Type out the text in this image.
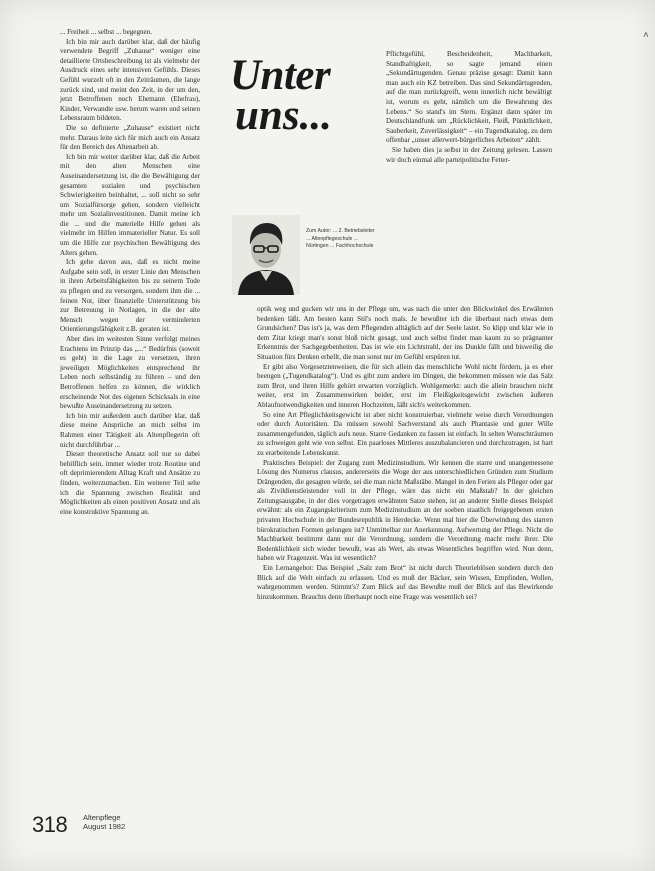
˄

... Freiheit ... selbst ... begegnen.

Ich bin mir auch darüber klar, daß der häufig verwendete Begriff „Zuhause“ weniger eine detaillierte Ortsbeschreibung ist als vielmehr der Ausdruck eines sehr intensiven Gefühls. Dieses Gefühl wurzelt oft in den Zeiträumen, die lange zurück sind, und meint den Zeit, in der um den, jetzt Betroffenen noch Ehemann (Ehefrau), Kinder, Verwandte usw. herum waren und seinen Lebensraum bildeten.

Die so definierte „Zuhause“ existiert nicht mehr. Daraus leite sich für mich auch ein Ansatz für den Bereich des Altenarbeit ab.

Ich bin mir weiter darüber klar, daß die Arbeit mit den alten Menschen eine Auseinandersetzung ist, die die Bewältigung der gesamten sozialen und psychischen Schwierigkeiten beinhaltet, ... soll nicht so sehr um Sozialfürsorge gehen, sondern vielleicht mehr um Sozialinvestitionen. Damit meine ich die ... und die materielle Hilfe gehen als vielmehr im Hilfen immaterieller Natur. Es soll um die Hilfe zur psychischen Bewältigung des Alters gehen.

Ich gehe davon aus, daß es nicht meine Aufgabe sein soll, in erster Linie den Menschen in ihren Arbeitsfähigkeiten bis zu seinem Tode zu pflegen und zu versorgen, sondern ihm die ... feinen Not, über finanzielle Unterstützung bis zur Betreuung in Notlagen, in die der alte Mensch wegen der verminderten Orientierungsfähigkeit z.B. geraten ist.

Aber dies im weitesten Sinne verfolgt meines Erachtens im Prinzip das „...“ Bedürfnis (soweit es geht) in die Lage zu versetzen, ihren jeweiligen Möglichkeiten entsprechend ihr Leben noch selbständig zu führen – und den Betroffenen helfen zu können, die wirklich erscheinende Not des eigenen Schicksals in eine bewußte Auseinandersetzung zu setzen.

Ich bin mir außerdem auch darüber klar, daß diese meine Ansprüche an mich selbst im Rahmen einer Tätigkeit als Altenpflegerin oft nicht durchführbar ...

Dieser theoretische Ansatz soll nur so dabei behilflich sein, immer wieder trotz Routine und oft deprimierendem Alltag Kraft und Ansätze zu finden, weiterzumachen. Ein weiterer Teil sehe ich die Spannung zwischen Realität und Möglichkeiten als einen positiven Ansatz und als eine konstruktive Spannung an.

Unter
uns...
Zum Autor: ... 2. Betriebsleiter ... Altenpflegeschule ... Nürtingen ... Fachhochschule

Pflichtgefühl, Bescheidenheit, Machbarkeit, Standhaftigkeit, so sagte jemand einen „Sekundärtugenden. Genau präzise gesagt: Damit kann man auch ein KZ betreiben. Das sind Sekundärtugenden, auf die man zurückgreift, wenn innerlich nicht bewältigt ist, worum es geht, nämlich um die Bewahrung des Lebens.“ So stand's im Stern. Ergänzt dann später im Deutschlandfunk um „Rücklichkeit, Fleiß, Pünktlichkeit, Sauberkeit, Zuverlässigkeit“ – ein Tugendkatalog, zu dem offenbar „unser allerwert-bürgerliches Arbeiten“ zählt.

Sie haben dies ja selbst in der Zeitung gelesen. Lassen wir doch einmal alle parteipolitische Fetter-

optik weg und gucken wir uns in der Pflege um, was nach die unter den Blickwinkel des Erwähnten bedenken läßt. Am besten kann Stil's noch mals. Je bewußter ich die überbaut nach etwas dem Grundsichen? Das ist's ja, was dem Pflegenden alltäglich auf der Seele lastet. So klipp und klar wie in dem Zitat kriegt man's sonst bloß nicht gesagt, und auch selbst findet man kaum zu so prägnanter Erkenntnis der Sachgegebenheiten. Das ist wie ein Lichtstrahl, der ins Dunkle fällt und bisweilig die Situation fürs Denken erhellt, die man sonst nur im Gefühl erspüren tut.

Er gibt also Vorgesetztenweisen, die für sich allein das menschliche Wohl nicht fördern, ja es eher beengen („Tugendkatalog“). Und es gibt zum andere im Dingen, die bekommen müssen wie das Salz zum Brot, und ihren Hilfe gehört erwarten vorzüglich. Wohlgemerkt: auch die allein brauchen nicht weiter, erst im Zusammenwirken beider, erst im Fleißigkeitsgewicht zwischen äußeren Ablaufnotwendigkeiten und inneren Hochzeiten, läßt sich's weiterkommen.

So eine Art Pfleglichkeitsgewicht ist aber nicht konstruierbar, vielmehr weise durch Verordnungen oder durch Autoritäten. Da müssen sowohl Sachverstand als auch Phantasie und guter Wille zusammengefunden, täglich aufs neue. Starre Gedanken zu fassen ist einfach. In selten Wunschträumen zu schweigen geht wie von selbst. Ein paarloses Mittleres auszubalancieren und durchzutragen, ist hart zu erarbeitende Lebenskunst.

Praktisches Beispiel: der Zugang zum Medizinstudium. Wir kennen die starre und unangemessene Lösung des Numerus clausus, andererseits die Woge der aus unterschiedlichen Gründen zum Studium Drängenden, die gesagten würde, sei die man nicht Maßstäbe. Mangel in den Ferien als Pfleger oder gar als Zivildienstleistender voll in der Pflege, wäre das nicht ein Maßstab? In der gleichen Zeitungsausgabe, in der dies vorgetragen erwähnten Satze stehen, ist an anderer Stelle dieses Beispiel erwähnt: als ein Zugangskriterium zum Medizinstudium an der soeben staatlich freigegebenen ersten privaten Hochschule in der Bundesrepublik in Herdecke. Wenn mal hier die Überwindung des starren bürokratischen Formen gelungen ist? Unmittelbar zur Anerkennung. Aufwertung der Pflege. Nicht die Machbarkeit bestimmt dann nur die Verordnung, sondern die Verordnung macht mehr ihrer. Die Bedenklichkeit sich wieder bewußt, was als Wert, als etwas Wesentliches begriffen wird. Nun denn, haben wir Fragenzeit. Was ist wesentlich?

Ein Lernangebot: Das Beispiel „Salz zum Brot“ ist nicht durch Theorieblösen sondern durch den Blick auf die Welt einfach zu erfassen. Und es muß der Bäcker, sein Wissen, Empfinden, Wollen, wahrgenommen werden. Stimmt's? Zum Blick auf das Bewußte muß der Blick auf das Bewirkende hinzukommen. Brauchts denn überhaupt noch eine Frage was wesentlich sei?

318 Altenpflege
August 1982
